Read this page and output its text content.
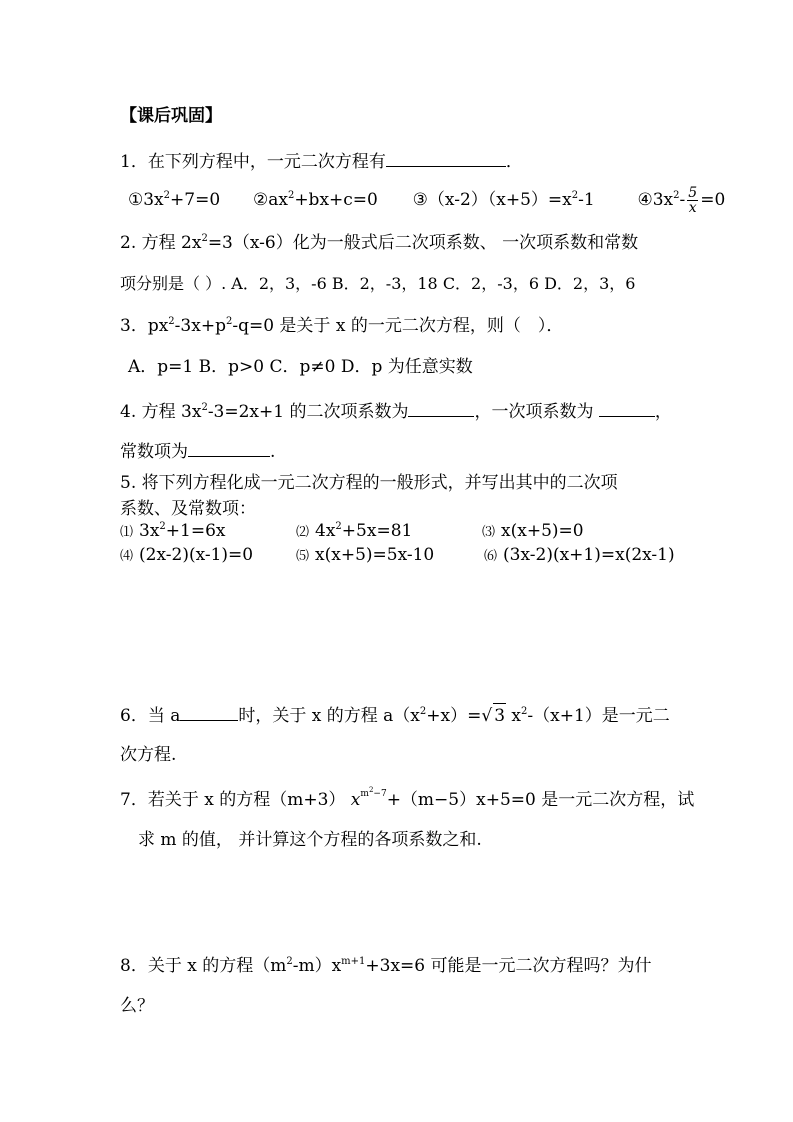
【课后巩固】
1．在下列方程中，一元二次方程有	．
$①3x^2+7=0$ $②ax^2+bx+c=0$ $③(x-2)(x+5)=x^2-1$	$④3x^2- \frac{5}{x} =0$
2. 方程 $2x^2=3(x-6)$化为一般式后二次项系数、 一次项系数和常数
项分别是（ ）. A．2，3，-6 B．2，-3，18 C．2，-3，6 D．2，3，6
3．$px^2-3x+p^2-q=0$ 是关于 x 的一元二次方程，则（　）．
A．p=1 B．p>0 C．p≠0 D．p 为任意实数
4. 方程 $3x^2-3=2x+1$ 的二次项系数为	，一次项系数为	，
常数项为	.
5. 将下列方程化成一元二次方程的一般形式，并写出其中的二次项
系数、及常数项：
⑴ $3x^2+1=6x$	⑵ $4x^2+5x=81$	⑶ x(x+5)=0
⑷ (2x-2)(x-1)=0	⑸ x(x+5)=5x-10	⑹ (3x-2)(x+1)=x(2x-1)
6．当 a	时，关于 x 的方程 $a(x^2+x)=√$ 3 $x^2-(x+1)$是一元二
次方程.
7．若关于 x 的方程（m+3） $x^{m^2-7}+(m-5)x+5=0$ 是一元二次方程，试
求 m 的值， 并计算这个方程的各项系数之和.
8．关于 x 的方程$(m^2-m)x^{m+1}+3x=6$ 可能是一元二次方程吗？为什
么？
